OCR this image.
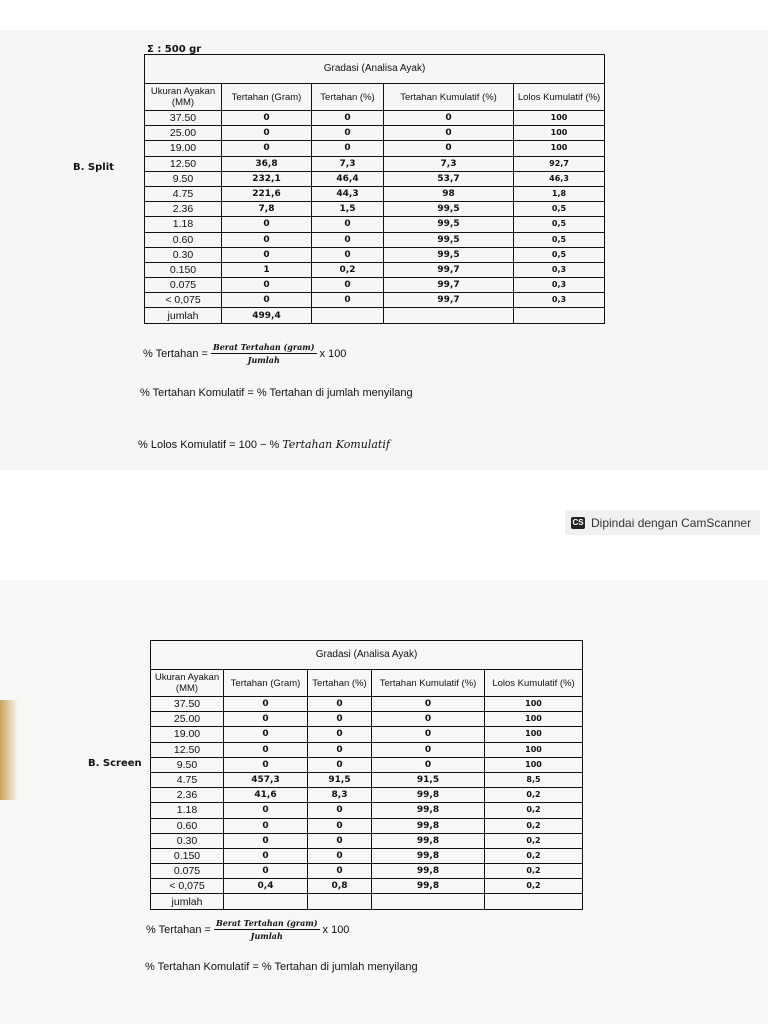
CS Dipindai dengan CamScanner
Σ : 500 gr
B. Split
Gradasi (Analisa Ayak)				
Ukuran Ayakan (MM)	Tertahan (Gram)	Tertahan (%)	Tertahan Kumulatif (%)	Lolos Kumulatif (%)
37.50	0	0	0	100
25.00	0	0	0	100
19.00	0	0	0	100
12.50	36,8	7,3	7,3	92,7
9.50	232,1	46,4	53,7	46,3
4.75	221,6	44,3	98	1,8
2.36	7,8	1,5	99,5	0,5
1.18	0	0	99,5	0,5
0.60	0	0	99,5	0,5
0.30	0	0	99,5	0,5
0.150	1	0,2	99,7	0,3
0.075	0	0	99,7	0,3
< 0,075	0	0	99,7	0,3
jumlah	499,4			
% Tertahan = $\frac{\text{Berat Tertahan (gram)}}{\text{Jumlah}}$ x 100
% Tertahan Komulatif = % Tertahan di jumlah menyilang
% Lolos Komulatif = 100 − %
Tertahan Komulatif
B. Screen
Gradasi (Analisa Ayak)				
Ukuran Ayakan (MM)	Tertahan (Gram)	Tertahan (%)	Tertahan Kumulatif (%)	Lolos Kumulatif (%)
37.50	0	0	0	100
25.00	0	0	0	100
19.00	0	0	0	100
12.50	0	0	0	100
9.50	0	0	0	100
4.75	457,3	91,5	91,5	8,5
2.36	41,6	8,3	99,8	0,2
1.18	0	0	99,8	0,2
0.60	0	0	99,8	0,2
0.30	0	0	99,8	0,2
0.150	0	0	99,8	0,2
0.075	0	0	99,8	0,2
< 0,075	0,4	0,8	99,8	0,2
jumlah				
% Tertahan = $\frac{\text{Berat Tertahan (gram)}}{\text{Jumlah}}$ x 100
% Tertahan Komulatif = % Tertahan di jumlah menyilang
